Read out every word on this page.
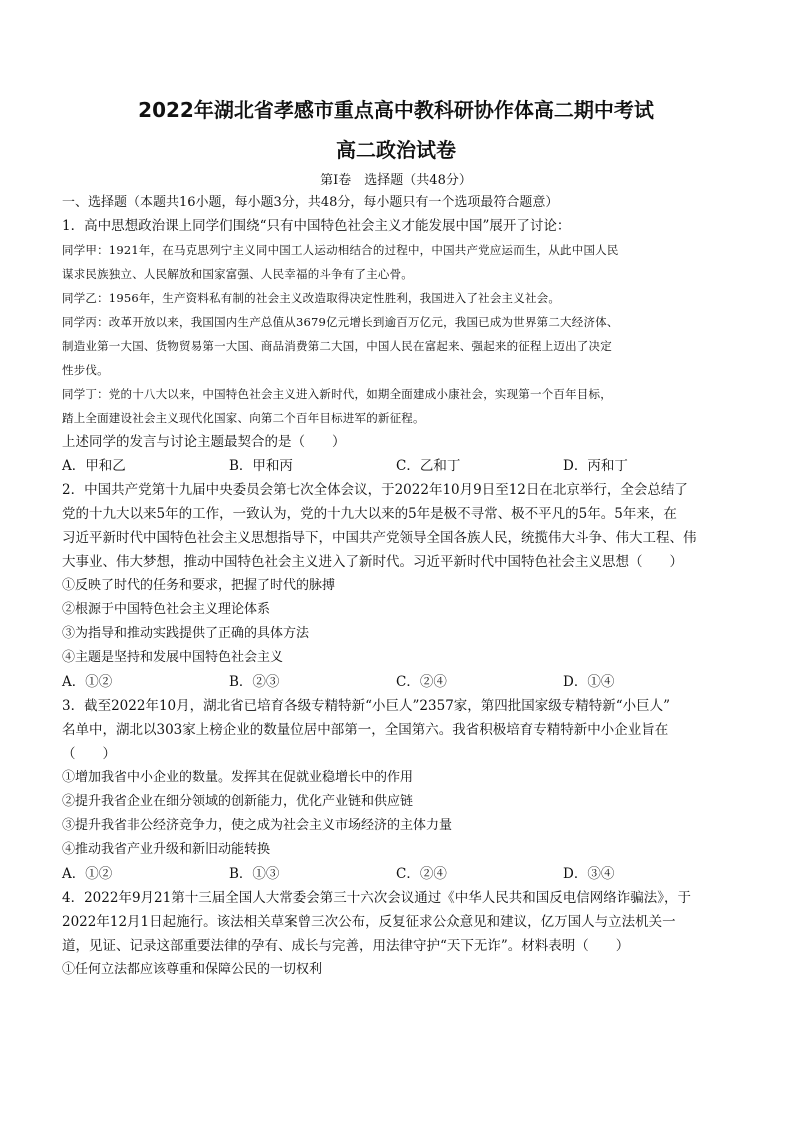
2022年湖北省孝感市重点高中教科研协作体高二期中考试
高二政治试卷
第Ⅰ卷　选择题（共48分）
一、选择题（本题共16小题，每小题3分，共48分，每小题只有一个选项最符合题意）

1．高中思想政治课上同学们围绕“只有中国特色社会主义才能发展中国”展开了讨论：

同学甲：1921年，在马克思列宁主义同中国工人运动相结合的过程中，中国共产党应运而生，从此中国人民

谋求民族独立、人民解放和国家富强、人民幸福的斗争有了主心骨。

同学乙：1956年，生产资料私有制的社会主义改造取得决定性胜利，我国进入了社会主义社会。

同学丙：改革开放以来，我国国内生产总值从3679亿元增长到逾百万亿元，我国已成为世界第二大经济体、

制造业第一大国、货物贸易第一大国、商品消费第二大国，中国人民在富起来、强起来的征程上迈出了决定

性步伐。

同学丁：党的十八大以来，中国特色社会主义进入新时代，如期全面建成小康社会，实现第一个百年目标，

踏上全面建设社会主义现代化国家、向第二个百年目标进军的新征程。

上述同学的发言与讨论主题最契合的是（　　）

A．甲和乙	B．甲和丙	C．乙和丁	D．丙和丁

2．中国共产党第十九届中央委员会第七次全体会议，于2022年10月9日至12日在北京举行，全会总结了

党的十九大以来5年的工作，一致认为，党的十九大以来的5年是极不寻常、极不平凡的5年。5年来，在

习近平新时代中国特色社会主义思想指导下，中国共产党领导全国各族人民，统揽伟大斗争、伟大工程、伟

大事业、伟大梦想，推动中国特色社会主义进入了新时代。习近平新时代中国特色社会主义思想（　　）

①反映了时代的任务和要求，把握了时代的脉搏

②根源于中国特色社会主义理论体系

③为指导和推动实践提供了正确的具体方法

④主题是坚持和发展中国特色社会主义

A．①②	B．②③	C．②④	D．①④

3．截至2022年10月，湖北省已培育各级专精特新“小巨人”2357家，第四批国家级专精特新“小巨人”

名单中，湖北以303家上榜企业的数量位居中部第一，全国第六。我省积极培育专精特新中小企业旨在

（　　）

①增加我省中小企业的数量。发挥其在促就业稳增长中的作用

②提升我省企业在细分领域的创新能力，优化产业链和供应链

③提升我省非公经济竞争力，使之成为社会主义市场经济的主体力量

④推动我省产业升级和新旧动能转换

A．①②	B．①③	C．②④	D．③④

4．2022年9月21第十三届全国人大常委会第三十六次会议通过《中华人民共和国反电信网络诈骗法》，于

2022年12月1日起施行。该法相关草案曾三次公布，反复征求公众意见和建议，亿万国人与立法机关一

道，见证、记录这部重要法律的孕有、成长与完善，用法律守护“天下无诈”。材料表明（　　）

①任何立法都应该尊重和保障公民的一切权利
